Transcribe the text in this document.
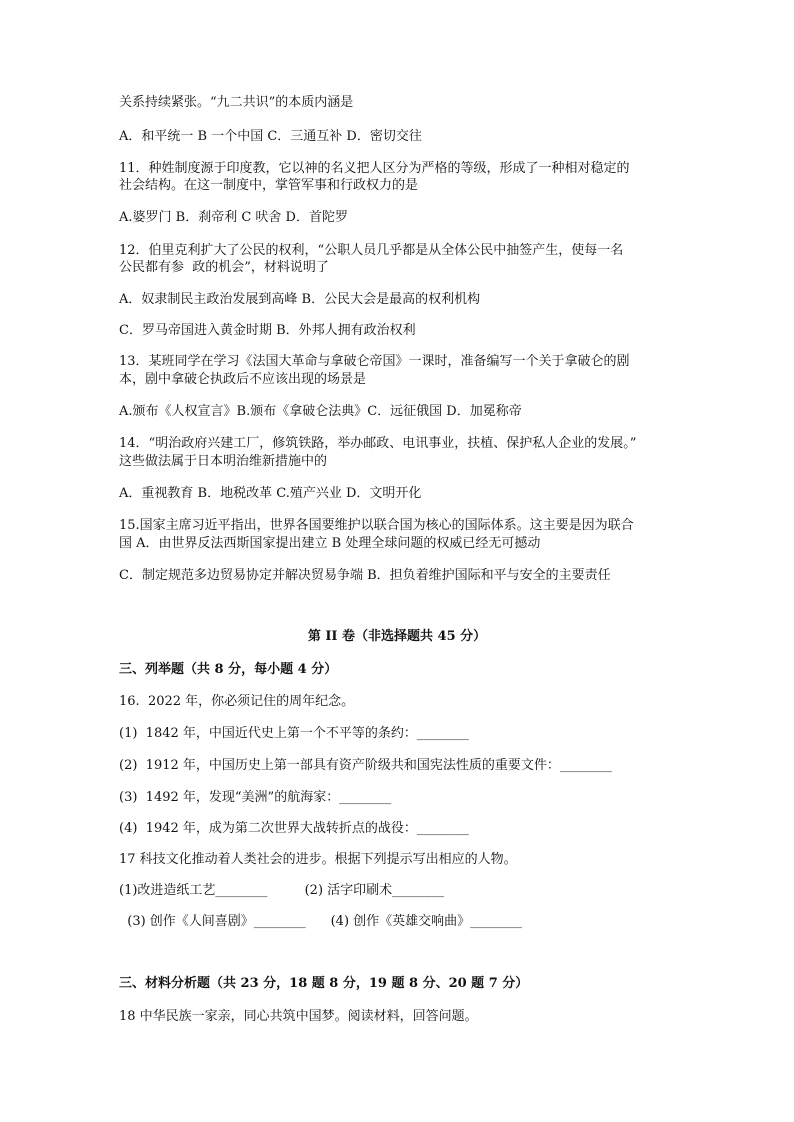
关系持续紧张。“九二共识”的本质内涵是
A．和平统一 B 一个中国 C．三通互补 D．密切交往
11．种姓制度源于印度教，它以神的名义把人区分为严格的等级，形成了一种相对稳定的
社会结构。在这一制度中，掌管军事和行政权力的是
A.婆罗门 B．刹帝利 C 吠舍 D．首陀罗
12．伯里克利扩大了公民的权利，“公职人员几乎都是从全体公民中抽签产生，使每一名
公民都有参  政的机会”，材料说明了
A．奴隶制民主政治发展到高峰 B．公民大会是最高的权利机构
C．罗马帝国进入黄金时期 B．外邦人拥有政治权利
13．某班同学在学习《法国大革命与拿破仑帝国》一课时，准备编写一个关于拿破仑的剧
本，剧中拿破仑执政后不应该出现的场景是
A.颁布《人权宣言》B.颁布《拿破仑法典》C．远征俄国 D．加冕称帝
14．“明治政府兴建工厂，修筑铁路，举办邮政、电讯事业，扶植、保护私人企业的发展。”
这些做法属于日本明治维新措施中的
A．重视教育 B．地税改革 C.殖产兴业 D．文明开化
15.国家主席习近平指出，世界各国要维护以联合国为核心的国际体系。这主要是因为联合
国 A．由世界反法西斯国家提出建立 B 处理全球问题的权威已经无可撼动
C．制定规范多边贸易协定并解决贸易争端 B．担负着维护国际和平与安全的主要责任
第 II 卷（非选择题共 45 分）
三、列举题（共 8 分，每小题 4 分）
16.  2022 年，你必须记住的周年纪念。
(1)  1842 年，中国近代史上第一个不平等的条约：________
(2)  1912 年，中国历史上第一部具有资产阶级共和国宪法性质的重要文件：________
(3)  1492 年，发现“美洲”的航海家：________
(4)  1942 年，成为第二次世界大战转折点的战役：________
17 科技文化推动着人类社会的进步。根据下列提示写出相应的人物。
(1)改进造纸工艺________         (2) 活字印刷术________
(3) 创作《人间喜剧》________      (4) 创作《英雄交响曲》________
三、材料分析题（共 23 分，18 题 8 分，19 题 8 分、20 题 7 分）
18 中华民族一家亲，同心共筑中国梦。阅读材料，回答问题。
